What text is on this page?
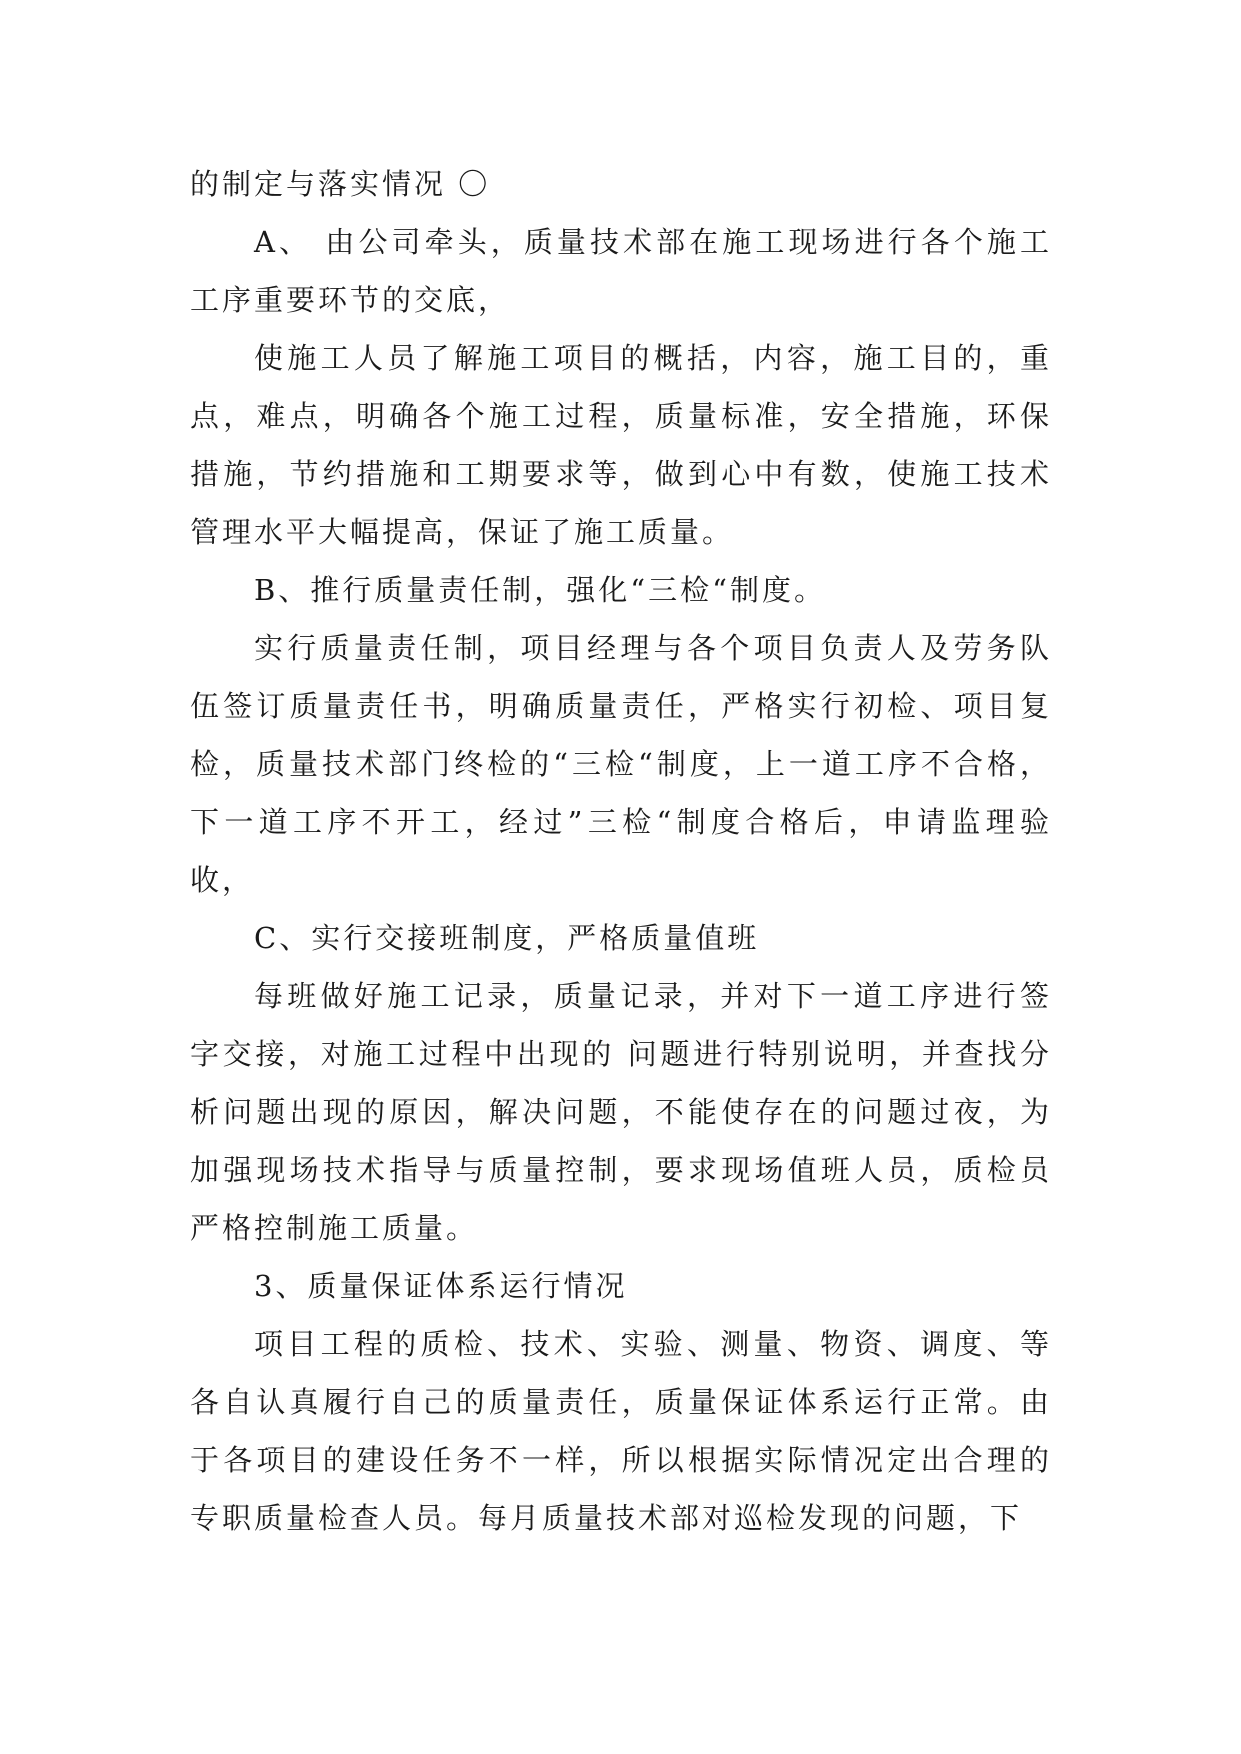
的制定与落实情况 〇

A、 由公司牵头，质量技术部在施工现场进行各个施工工序重要环节的交底，

使施工人员了解施工项目的概括，内容，施工目的，重点，难点，明确各个施工过程，质量标准，安全措施，环保措施，节约措施和工期要求等，做到心中有数，使施工技术管理水平大幅提高，保证了施工质量。

B、推行质量责任制，强化“三检“制度。

实行质量责任制，项目经理与各个项目负责人及劳务队伍签订质量责任书，明确质量责任，严格实行初检、项目复检，质量技术部门终检的“三检“制度，上一道工序不合格，下一道工序不开工，经过”三检“制度合格后，申请监理验收，

C、实行交接班制度，严格质量值班

每班做好施工记录，质量记录，并对下一道工序进行签字交接，对施工过程中出现的 问题进行特别说明，并查找分析问题出现的原因，解决问题，不能使存在的问题过夜，为加强现场技术指导与质量控制，要求现场值班人员，质检员严格控制施工质量。

3、质量保证体系运行情况

项目工程的质检、技术、实验、测量、物资、调度、等各自认真履行自己的质量责任，质量保证体系运行正常。由于各项目的建设任务不一样，所以根据实际情况定出合理的专职质量检查人员。每月质量技术部对巡检发现的问题，下
